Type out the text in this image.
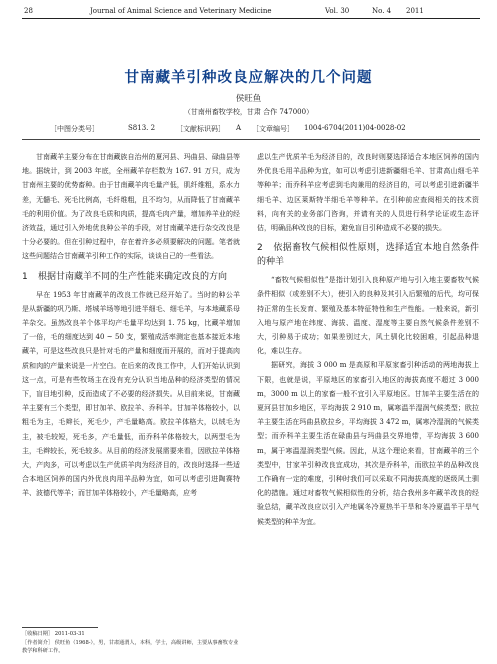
28	Journal of Animal Science and Veterinary Medicine	Vol. 30	No. 4 2011
甘南藏羊引种改良应解决的几个问题
侯旺鱼
（甘南州畜牧学校，甘肃 合作 747000）
［中图分类号］	S813. 2	［文献标识码］ A ［文章编号］ 1004-6704(2011)04-0028-02

甘南藏羊主要分布在甘南藏族自治州的夏河县、玛曲县、碌曲县等地。据统计，到 2003 年底，全州藏羊存栏数为 167. 91 万只，成为甘南州主要的优势畜种。由于甘南藏羊肉毛量产低，肌纤维粗，系水力差，无髓毛、死毛比例高，毛纤维粗，且不均匀，从而降低了甘南藏羊毛的利用价值。为了改良毛质和肉质，提高毛肉产量，增加养羊业的经济效益，通过引入外地优良种公羊的手段，对甘南藏羊进行杂交改良是十分必要的。但在引种过程中，存在着许多必须要解决的问题。笔者就这些问题结合甘南藏羊引种工作的实际，谈谈自己的一些看法。

1 根据甘南藏羊不同的生产性能来确定改良的方向

早在 1953 年甘南藏羊的改良工作就已经开始了。当时的种公羊是从新疆的巩乃斯、塔城羊场等地引进半细毛、细毛羊，与本地藏系母羊杂交。虽然改良羊个体平均产毛量平均达到 1. 75 kg，比藏羊增加了一倍，毛的细度达到 40 ~ 50 支，繁殖成活率测定也基本接近本地藏羊，可是这些改良只是针对毛的产量和细度而开展的，而对于提高肉质和肉的产量来说是一片空白。在后来的改良工作中，人们开始认识到这一点，可是有些牧场主在没有充分认识当地品种的经济类型的情况下，盲目地引种，反而造成了不必要的经济损失。从目前来说，甘南藏羊主要有三个类型，即甘加羊、欧拉羊、乔科羊。甘加羊体格较小，以粗毛为主，毛辫长，死毛少，产毛量略高。欧拉羊体格大，以绒毛为主，被毛较短，死毛多，产毛量低，而乔科羊体格较大，以两型毛为主，毛辫较长，死毛较多。从目前的经济发展需要来看，因欧拉羊体格大，产肉多，可以考虑以生产优质羊肉为经济目的，改良时选择一些适合本地区饲养的国内外优良肉用羊品种为宜，如可以考虑引进陶赛特羊、波德代等羊；而甘加羊体格较小，产毛量略高，应考

虑以生产优质羊毛为经济目的，改良时则要选择适合本地区饲养的国内外优良毛用羊品种为宜，如可以考虑引进新疆细毛羊、甘肃高山细毛羊等种羊；而乔科羊应考虑到毛肉兼用的经济目的，可以考虑引进新疆半细毛羊、边区莱斯特半细毛羊等种羊。在引种前应查阅相关的技术资料，向有关的业务部门咨询，并请有关的人员进行科学论证或生态评估，明确品种改良的目标，避免盲目引种造成不必要的损失。

2 依据畜牧气候相似性原则，选择适宜本地自然条件的种羊

“畜牧气候相似性”是指计划引入良种原产地与引入地主要畜牧气候条件相似（或差别不大），使引入的良种及其引入后繁殖的后代，均可保持正常的生长发育、繁殖及基本特征特性和生产性能。一般来说，新引入地与原产地在纬度、海拔、温度、湿度等主要自然气候条件差别不大，引种易于成功；如果差别过大，风土驯化比较困难，引起品种退化，难以生存。

据研究，海拔 3 000 m 是高原和平原家畜引种活动的两地海拔上下限，也就是说，平原地区的家畜引入地区的海拔高度不超过 3 000 m，3000 m 以上的家畜一般不宜引入平原地区。甘加羊主要生活在的夏河县甘加乡地区，平均海拔 2 910 m，属寒温半湿润气候类型；欧拉羊主要生活在玛曲县欧拉乡，平均海拔 3 472 m，属寒冷湿润的气候类型；而乔科羊主要生活在碌曲县与玛曲县交界地带，平均海拔 3 600 m，属于寒温湿润类型气候。因此，从这个理论来看，甘南藏羊的三个类型中，甘家羊引种改良宜成功，其次是乔科羊，而欧拉羊的品种改良工作确有一定的难度，引种时我们可以采取不同海拔高度的逐级风土驯化的措施。通过对畜牧气候相似性的分析，结合我州多年藏羊改良的经验总结，藏羊改良应以引入产地属冬冷夏热半干旱和冬冷夏温半干旱气候类型的种羊为宜。

［收稿日期］ 2011-03-31
［作者简介］ 侯旺鱼（1968-），男，甘肃通渭人，本科，学士，高级讲师，主要从事畜牧专业教学和科研工作。
